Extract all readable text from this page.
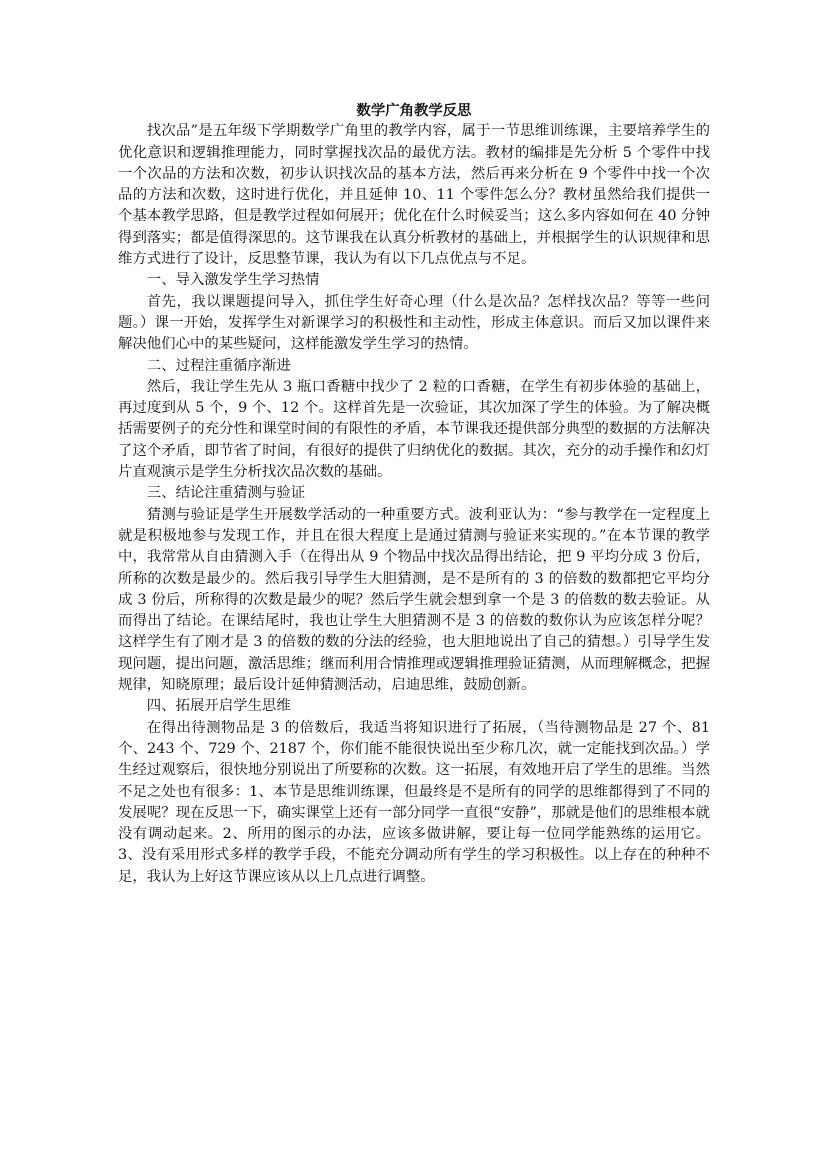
数学广角教学反思

找次品”是五年级下学期数学广角里的教学内容，属于一节思维训练课，主要培养学生的优化意识和逻辑推理能力，同时掌握找次品的最优方法。教材的编排是先分析 5 个零件中找一个次品的方法和次数，初步认识找次品的基本方法，然后再来分析在 9 个零件中找一个次品的方法和次数，这时进行优化，并且延伸 10、11 个零件怎么分？教材虽然给我们提供一个基本教学思路，但是教学过程如何展开；优化在什么时候妥当；这么多内容如何在 40 分钟得到落实；都是值得深思的。这节课我在认真分析教材的基础上，并根据学生的认识规律和思维方式进行了设计，反思整节课，我认为有以下几点优点与不足。

一、导入激发学生学习热情

首先，我以课题提问导入，抓住学生好奇心理（什么是次品？怎样找次品？等等一些问题。）课一开始，发挥学生对新课学习的积极性和主动性，形成主体意识。而后又加以课件来解决他们心中的某些疑问，这样能激发学生学习的热情。

二、过程注重循序渐进

然后，我让学生先从 3 瓶口香糖中找少了 2 粒的口香糖，在学生有初步体验的基础上，再过度到从 5 个，9 个、12 个。这样首先是一次验证，其次加深了学生的体验。为了解决概括需要例子的充分性和课堂时间的有限性的矛盾，本节课我还提供部分典型的数据的方法解决了这个矛盾，即节省了时间，有很好的提供了归纳优化的数据。其次，充分的动手操作和幻灯片直观演示是学生分析找次品次数的基础。

三、结论注重猜测与验证

猜测与验证是学生开展数学活动的一种重要方式。波利亚认为：“参与教学在一定程度上就是积极地参与发现工作，并且在很大程度上是通过猜测与验证来实现的。”在本节课的教学中，我常常从自由猜测入手（在得出从 9 个物品中找次品得出结论，把 9 平均分成 3 份后，所称的次数是最少的。然后我引导学生大胆猜测，是不是所有的 3 的倍数的数都把它平均分成 3 份后，所称得的次数是最少的呢？然后学生就会想到拿一个是 3 的倍数的数去验证。从而得出了结论。在课结尾时，我也让学生大胆猜测不是 3 的倍数的数你认为应该怎样分呢？这样学生有了刚才是 3 的倍数的数的分法的经验，也大胆地说出了自己的猜想。）引导学生发现问题，提出问题，激活思维；继而利用合情推理或逻辑推理验证猜测，从而理解概念，把握规律，知晓原理；最后设计延伸猜测活动，启迪思维，鼓励创新。

四、拓展开启学生思维

在得出待测物品是 3 的倍数后，我适当将知识进行了拓展，（当待测物品是 27 个、81 个、243 个、729 个、2187 个，你们能不能很快说出至少称几次，就一定能找到次品。）学生经过观察后，很快地分别说出了所要称的次数。这一拓展，有效地开启了学生的思维。当然不足之处也有很多：1、本节是思维训练课，但最终是不是所有的同学的思维都得到了不同的发展呢？现在反思一下，确实课堂上还有一部分同学一直很“安静”，那就是他们的思维根本就没有调动起来。2、所用的图示的办法，应该多做讲解，要让每一位同学能熟练的运用它。3、没有采用形式多样的教学手段，不能充分调动所有学生的学习积极性。以上存在的种种不足，我认为上好这节课应该从以上几点进行调整。
